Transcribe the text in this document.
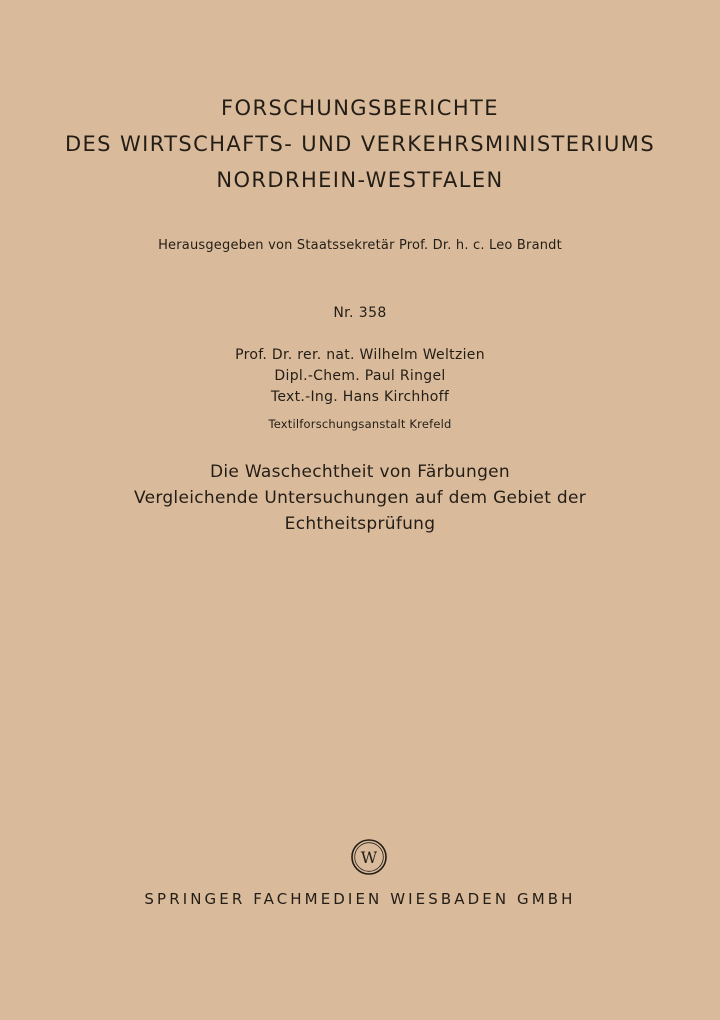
FORSCHUNGSBERICHTE
DES WIRTSCHAFTS- UND VERKEHRSMINISTERIUMS
NORDRHEIN-WESTFALEN
Herausgegeben von Staatssekretär Prof. Dr. h. c. Leo Brandt
Nr. 358
Prof. Dr. rer. nat. Wilhelm Weltzien
Dipl.-Chem. Paul Ringel
Text.-Ing. Hans Kirchhoff
Textilforschungsanstalt Krefeld
Die Waschechtheit von Färbungen
Vergleichende Untersuchungen auf dem Gebiet der
Echtheitsprüfung
W
SPRINGER FACHMEDIEN WIESBADEN GMBH
